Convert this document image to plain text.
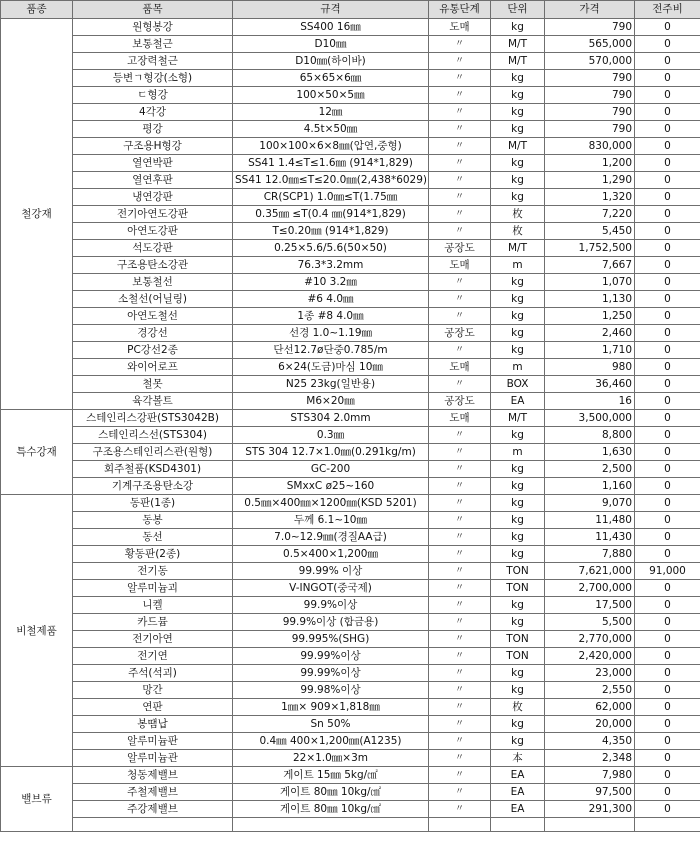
품종	품목	규격	유통단계	단위	가격	전주비
철강재	원형봉강	SS400 16㎜	도매	kg	790	0
	보통철근	D10㎜	〃	M/T	565,000	0
	고장력철근	D10㎜(하이바)	〃	M/T	570,000	0
	등변ㄱ형강(소형)	65×65×6㎜	〃	kg	790	0
	ㄷ형강	100×50×5㎜	〃	kg	790	0
	4각강	12㎜	〃	kg	790	0
	평강	4.5t×50㎜	〃	kg	790	0
	구조용H형강	100×100×6×8㎜(압연,중형)	〃	M/T	830,000	0
	열연박판	SS41 1.4≤T≤1.6㎜ (914*1,829)	〃	kg	1,200	0
	열연후판	SS41 12.0㎜≤T≤20.0㎜(2,438*6029)	〃	kg	1,290	0
	냉연강판	CR(SCP1) 1.0㎜≤T(1.75㎜	〃	kg	1,320	0
	전기아연도강판	0.35㎜ ≤T(0.4 ㎜(914*1,829)	〃	枚	7,220	0
	아연도강판	T≤0.20㎜ (914*1,829)	〃	枚	5,450	0
	석도강판	0.25×5.6/5.6(50×50)	공장도	M/T	1,752,500	0
	구조용탄소강관	76.3*3.2mm	도매	m	7,667	0
	보통철선	#10 3.2㎜	〃	kg	1,070	0
	소철선(어닐링)	#6 4.0㎜	〃	kg	1,130	0
	아연도철선	1종 #8 4.0㎜	〃	kg	1,250	0
	경강선	선경 1.0~1.19㎜	공장도	kg	2,460	0
	PC강선2종	단선12.7ø단중0.785/m	〃	kg	1,710	0
	와이어로프	6×24(도금)마심 10㎜	도매	m	980	0
	철못	N25 23kg(일반용)	〃	BOX	36,460	0
	육각볼트	M6×20㎜	공장도	EA	16	0
특수강재	스테인리스강판(STS3042B)	STS304 2.0mm	도매	M/T	3,500,000	0
	스테인리스선(STS304)	0.3㎜	〃	kg	8,800	0
	구조용스테인리스관(원형)	STS 304 12.7×1.0㎜(0.291kg/m)	〃	m	1,630	0
	회주철품(KSD4301)	GC-200	〃	kg	2,500	0
	기계구조용탄소강	SMxxC ø25~160	〃	kg	1,160	0
비철제품	동판(1종)	0.5㎜×400㎜×1200㎜(KSD 5201)	〃	kg	9,070	0
	동봉	두께 6.1~10㎜	〃	kg	11,480	0
	동선	7.0~12.9㎜(경질AA급)	〃	kg	11,430	0
	황동판(2종)	0.5×400×1,200㎜	〃	kg	7,880	0
	전기동	99.99% 이상	〃	TON	7,621,000	91,000
	알루미늄괴	V-INGOT(중국제)	〃	TON	2,700,000	0
	니켈	99.9%이상	〃	kg	17,500	0
	카드뮴	99.9%이상 (합금용)	〃	kg	5,500	0
	전기아연	99.995%(SHG)	〃	TON	2,770,000	0
	전기연	99.99%이상	〃	TON	2,420,000	0
	주석(석괴)	99.99%이상	〃	kg	23,000	0
	망간	99.98%이상	〃	kg	2,550	0
	연판	1㎜× 909×1,818㎜	〃	枚	62,000	0
	봉땜납	Sn 50%	〃	kg	20,000	0
	알루미늄판	0.4㎜ 400×1,200㎜(A1235)	〃	kg	4,350	0
	알루미늄관	22×1.0㎜×3m	〃	本	2,348	0
밸브류	청동제밸브	게이트 15㎜ 5kg/㎠	〃	EA	7,980	0
	주철제밸브	게이트 80㎜ 10kg/㎠	〃	EA	97,500	0
	주강제밸브	게이트 80㎜ 10kg/㎠	〃	EA	291,300	0
